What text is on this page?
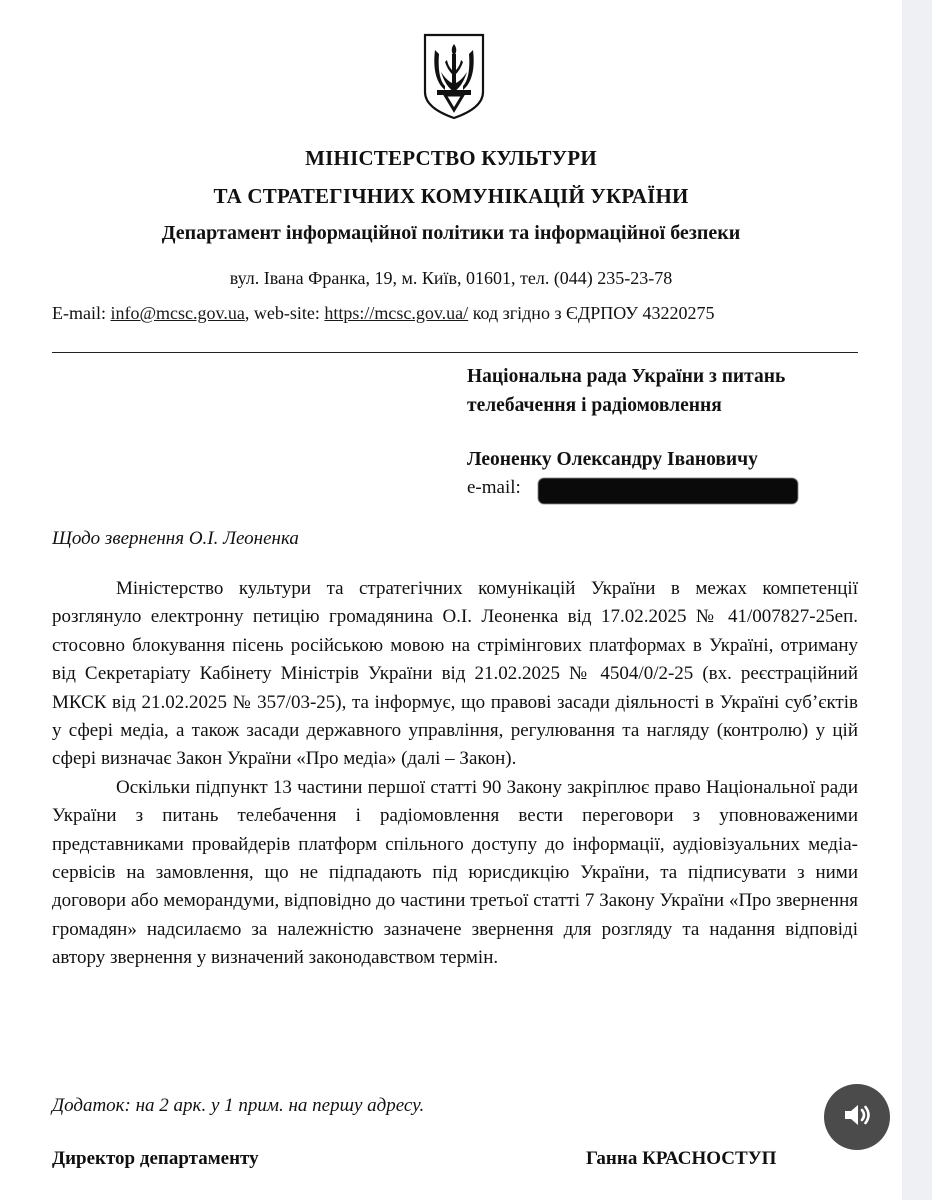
МІНІСТЕРСТВО КУЛЬТУРИ
ТА СТРАТЕГІЧНИХ КОМУНІКАЦІЙ УКРАЇНИ
Департамент інформаційної політики та інформаційної безпеки
вул. Івана Франка, 19, м. Київ, 01601, тел. (044) 235-23-78
E-mail: info@mcsc.gov.ua, web-site: https://mcsc.gov.ua/ код згідно з ЄДРПОУ 43220275
Національна рада України з питань
телебачення і радіомовлення
Леоненку Олександру Івановичу
e-mail:
Щодо звернення О.І. Леоненка

Міністерство культури та стратегічних комунікацій України в межах компетенції розглянуло електронну петицію громадянина О.І. Леоненка від 17.02.2025 № 41/007827-25еп. стосовно блокування пісень російською мовою на стрімінгових платформах в Україні, отриману від Секретаріату Кабінету Міністрів України від 21.02.2025 № 4504/0/2-25 (вх. реєстраційний МКСК від 21.02.2025 № 357/03-25), та інформує, що правові засади діяльності в Україні суб’єктів у сфері медіа, а також засади державного управління, регулювання та нагляду (контролю) у цій сфері визначає Закон України «Про медіа» (далі – Закон).

Оскільки підпункт 13 частини першої статті 90 Закону закріплює право Національної ради України з питань телебачення і радіомовлення вести переговори з уповноваженими представниками провайдерів платформ спільного доступу до інформації, аудіовізуальних медіа-сервісів на замовлення, що не підпадають під юрисдикцію України, та підписувати з ними договори або меморандуми, відповідно до частини третьої статті 7 Закону України «Про звернення громадян» надсилаємо за належністю зазначене звернення для розгляду та надання відповіді автору звернення у визначений законодавством термін.

Додаток: на 2 арк. у 1 прим. на першу адресу.
Директор департаменту	Ганна КРАСНОСТУП
